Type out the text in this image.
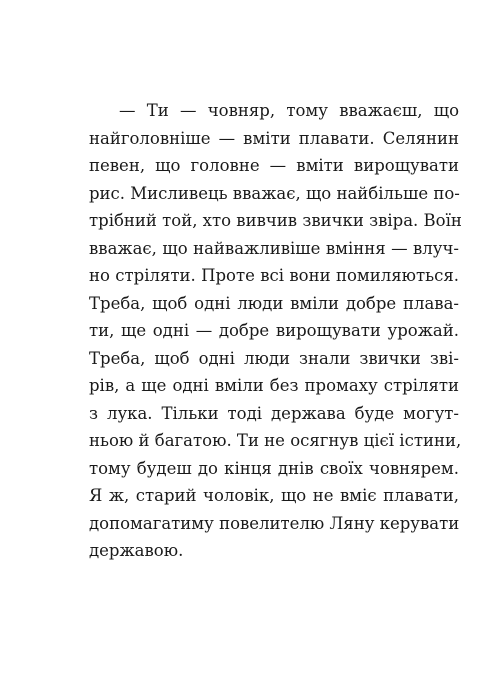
— Ти — човняр, тому вважаєш, що
найголовніше — вміти плавати. Селянин
певен, що головне — вміти вирощувати
рис. Мисливець вважає, що найбільше по-
трібний той, хто вивчив звички звіра. Воїн
вважає, що найважливіше вміння — влуч-
но стріляти. Проте всі вони помиляються.
Треба, щоб одні люди вміли добре плава-
ти, ще одні — добре вирощувати урожай.
Треба, щоб одні люди знали звички зві-
рів, а ще одні вміли без промаху стріляти
з лука. Тільки тоді держава буде могут-
ньою й багатою. Ти не осягнув цієї істини,
тому будеш до кінця днів своїх човнярем.
Я ж, старий чоловік, що не вміє плавати,
допомагатиму повелителю Ляну керувати
державою.
